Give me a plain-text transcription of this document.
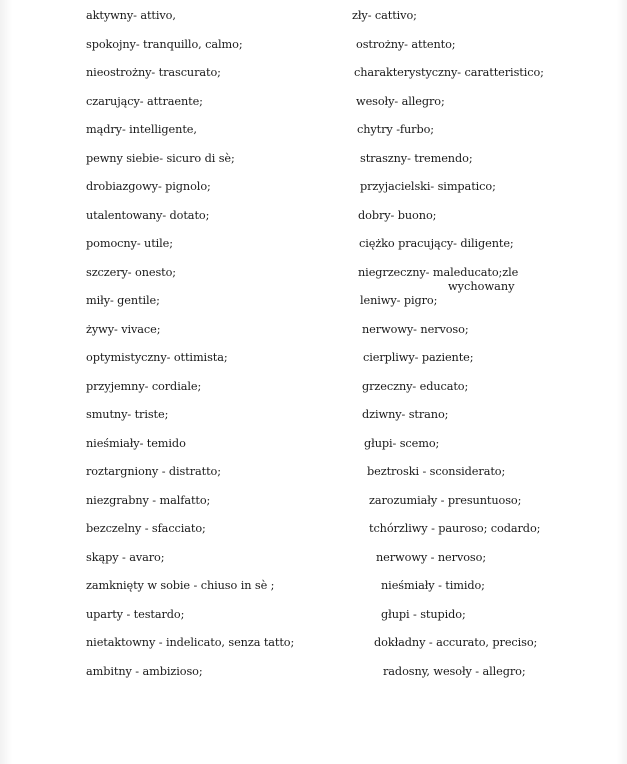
aktywny- attivo,
spokojny- tranquillo, calmo;
nieostrożny- trascurato;
czarujący- attraente;
mądry- intelligente,
pewny siebie- sicuro di sè;
drobiazgowy- pignolo;
utalentowany- dotato;
pomocny- utile;
szczery- onesto;
miły- gentile;
żywy- vivace;
optymistyczny- ottimista;
przyjemny- cordiale;
smutny- triste;
nieśmiały- temido
roztargniony - distratto;
niezgrabny - malfatto;
bezczelny - sfacciato;
skąpy - avaro;
zamknięty w sobie - chiuso in sè ;
uparty - testardo;
nietaktowny - indelicato, senza tatto;
ambitny - ambizioso;
zły- cattivo;
ostrożny- attento;
charakterystyczny- caratteristico;
wesoły- allegro;
chytry -furbo;
straszny- tremendo;
przyjacielski- simpatico;
dobry- buono;
ciężko pracujący- diligente;
niegrzeczny- maleducato;zle
wychowany
leniwy- pigro;
nerwowy- nervoso;
cierpliwy- paziente;
grzeczny- educato;
dziwny- strano;
głupi- scemo;
beztroski - sconsiderato;
zarozumiały - presuntuoso;
tchórzliwy - pauroso; codardo;
nerwowy - nervoso;
nieśmiały - timido;
głupi - stupido;
dokładny - accurato, preciso;
radosny, wesoły - allegro;
